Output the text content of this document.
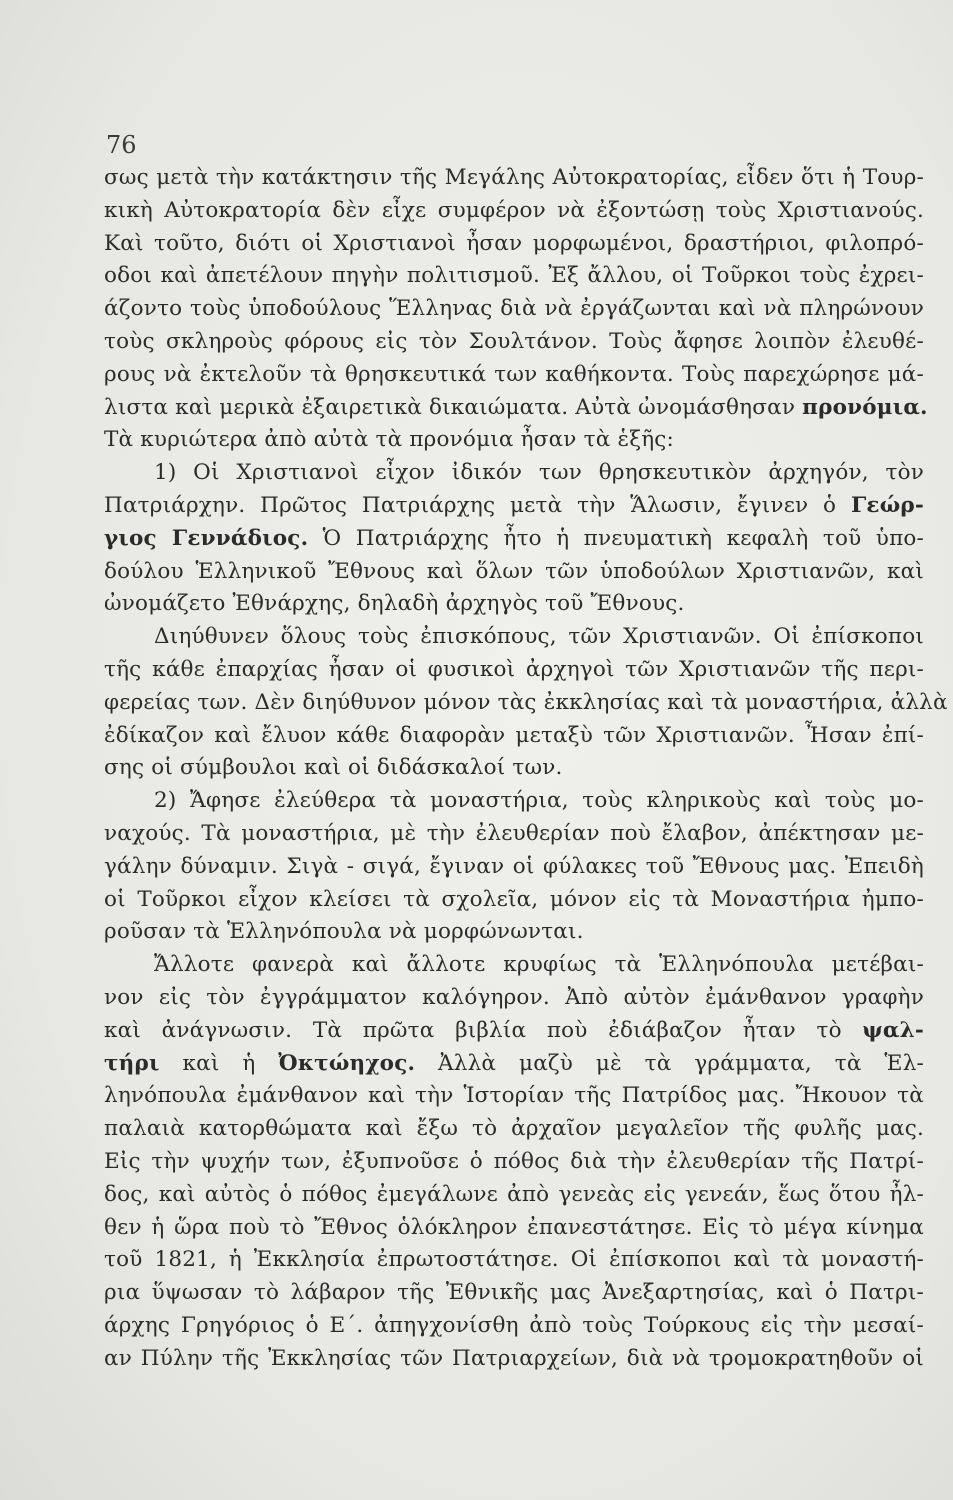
76
σως μετὰ τὴν κατάκτησιν τῆς Μεγάλης Αὐτοκρατορίας, εἶδεν ὅτι ἡ Τουρ-
κικὴ Αὐτοκρατορία δὲν εἶχε συμφέρον νὰ ἐξοντώσῃ τοὺς Χριστιανούς.
Καὶ τοῦτο, διότι οἱ Χριστιανοὶ ἦσαν μορφωμένοι, δραστήριοι, φιλοπρό-
οδοι καὶ ἀπετέλουν πηγὴν πολιτισμοῦ. Ἐξ ἄλλου, οἱ Τοῦρκοι τοὺς ἐχρει-
άζοντο τοὺς ὑποδούλους Ἕλληνας διὰ νὰ ἐργάζωνται καὶ νὰ πληρώνουν
τοὺς σκληροὺς φόρους εἰς τὸν Σουλτάνον. Τοὺς ἄφησε λοιπὸν ἐλευθέ-
ρους νὰ ἐκτελοῦν τὰ θρησκευτικά των καθήκοντα. Τοὺς παρεχώρησε μά-
λιστα καὶ μερικὰ ἐξαιρετικὰ δικαιώματα. Αὐτὰ ὠνομάσθησαν προνόμια.
Τὰ κυριώτερα ἀπὸ αὐτὰ τὰ προνόμια ἦσαν τὰ ἑξῆς:
1) Οἱ Χριστιανοὶ εἶχον ἰδικόν των θρησκευτικὸν ἀρχηγόν, τὸν
Πατριάρχην. Πρῶτος Πατριάρχης μετὰ τὴν Ἅλωσιν, ἔγινεν ὁ Γεώρ-
γιος Γεννάδιος. Ὁ Πατριάρχης ἦτο ἡ πνευματικὴ κεφαλὴ τοῦ ὑπο-
δούλου Ἑλληνικοῦ Ἔθνους καὶ ὅλων τῶν ὑποδούλων Χριστιανῶν, καὶ
ὠνομάζετο Ἐθνάρχης, δηλαδὴ ἀρχηγὸς τοῦ Ἔθνους.
Διηύθυνεν ὅλους τοὺς ἐπισκόπους, τῶν Χριστιανῶν. Οἱ ἐπίσκοποι
τῆς κάθε ἐπαρχίας ἦσαν οἱ φυσικοὶ ἀρχηγοὶ τῶν Χριστιανῶν τῆς περι-
φερείας των. Δὲν διηύθυνον μόνον τὰς ἐκκλησίας καὶ τὰ μοναστήρια, ἀλλὰ
ἐδίκαζον καὶ ἔλυον κάθε διαφορὰν μεταξὺ τῶν Χριστιανῶν. Ἦσαν ἐπί-
σης οἱ σύμβουλοι καὶ οἱ διδάσκαλοί των.
2) Ἄφησε ἐλεύθερα τὰ μοναστήρια, τοὺς κληρικοὺς καὶ τοὺς μο-
ναχούς. Τὰ μοναστήρια, μὲ τὴν ἐλευθερίαν ποὺ ἔλαβον, ἀπέκτησαν με-
γάλην δύναμιν. Σιγὰ - σιγά, ἔγιναν οἱ φύλακες τοῦ Ἔθνους μας. Ἐπειδὴ
οἱ Τοῦρκοι εἶχον κλείσει τὰ σχολεῖα, μόνον εἰς τὰ Μοναστήρια ἠμπο-
ροῦσαν τὰ Ἑλληνόπουλα νὰ μορφώνωνται.
Ἄλλοτε φανερὰ καὶ ἄλλοτε κρυφίως τὰ Ἑλληνόπουλα μετέβαι-
νον εἰς τὸν ἐγγράμματον καλόγηρον. Ἀπὸ αὐτὸν ἐμάνθανον γραφὴν
καὶ ἀνάγνωσιν. Τὰ πρῶτα βιβλία ποὺ ἐδιάβαζον ἦταν τὸ ψαλ-
τήρι καὶ ἡ Ὀκτώηχος. Ἀλλὰ μαζὺ μὲ τὰ γράμματα, τὰ Ἑλ-
ληνόπουλα ἐμάνθανον καὶ τὴν Ἱστορίαν τῆς Πατρίδος μας. Ἤκουον τὰ
παλαιὰ κατορθώματα καὶ ἔξω τὸ ἀρχαῖον μεγαλεῖον τῆς φυλῆς μας.
Εἰς τὴν ψυχήν των, ἐξυπνοῦσε ὁ πόθος διὰ τὴν ἐλευθερίαν τῆς Πατρί-
δος, καὶ αὐτὸς ὁ πόθος ἐμεγάλωνε ἀπὸ γενεὰς εἰς γενεάν, ἕως ὅτου ἦλ-
θεν ἡ ὥρα ποὺ τὸ Ἔθνος ὁλόκληρον ἐπανεστάτησε. Εἰς τὸ μέγα κίνημα
τοῦ 1821, ἡ Ἐκκλησία ἐπρωτοστάτησε. Οἱ ἐπίσκοποι καὶ τὰ μοναστή-
ρια ὕψωσαν τὸ λάβαρον τῆς Ἐθνικῆς μας Ἀνεξαρτησίας, καὶ ὁ Πατρι-
άρχης Γρηγόριος ὁ Ε΄. ἀπηγχονίσθη ἀπὸ τοὺς Τούρκους εἰς τὴν μεσαί-
αν Πύλην τῆς Ἐκκλησίας τῶν Πατριαρχείων, διὰ νὰ τρομοκρατηθοῦν οἱ
